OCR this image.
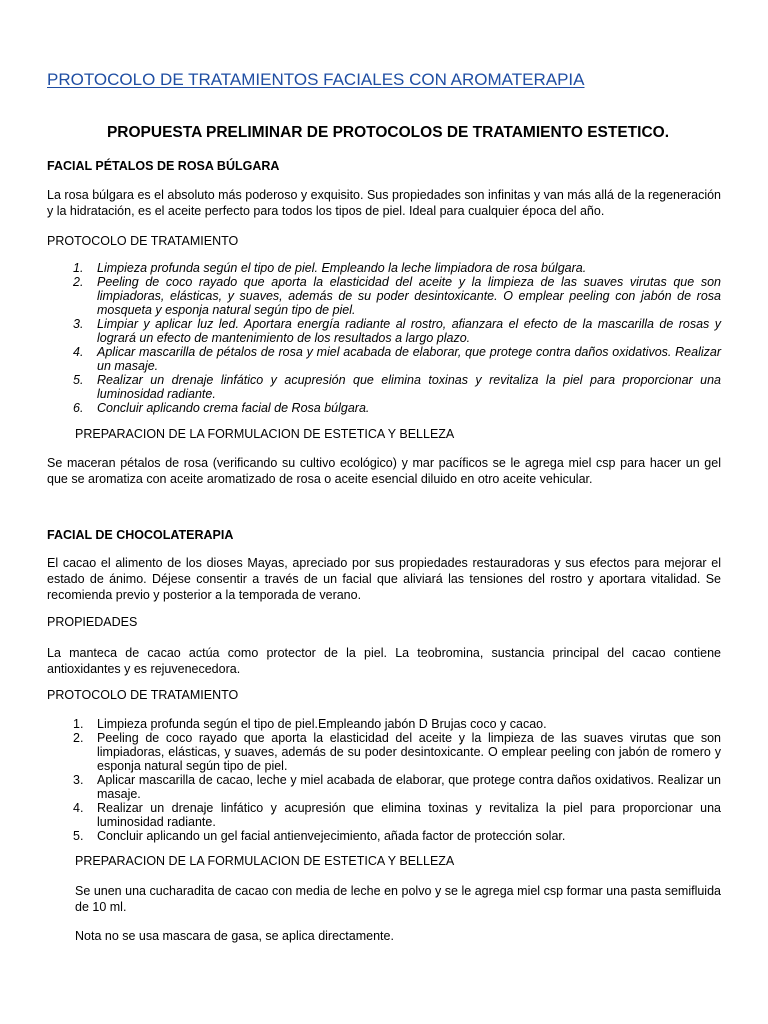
PROTOCOLO DE TRATAMIENTOS FACIALES CON AROMATERAPIA
PROPUESTA PRELIMINAR DE PROTOCOLOS DE TRATAMIENTO ESTETICO.
FACIAL PÉTALOS DE ROSA BÚLGARA

La rosa búlgara es el absoluto más poderoso y exquisito. Sus propiedades son infinitas y van más allá de la regeneración y la hidratación, es el aceite perfecto para todos los tipos de piel. Ideal para cualquier época del año.

PROTOCOLO DE TRATAMIENTO
1. Limpieza profunda según el tipo de piel. Empleando la leche limpiadora de rosa búlgara.
2. Peeling de coco rayado que aporta la elasticidad del aceite y la limpieza de las suaves virutas que son limpiadoras, elásticas, y suaves, además de su poder desintoxicante. O emplear peeling con jabón de rosa mosqueta y esponja natural según tipo de piel.
3. Limpiar y aplicar luz led. Aportara energía radiante al rostro, afianzara el efecto de la mascarilla de rosas y logrará un efecto de mantenimiento de los resultados a largo plazo.
4. Aplicar mascarilla de pétalos de rosa y miel acabada de elaborar, que protege contra daños oxidativos. Realizar un masaje.
5. Realizar un drenaje linfático y acupresión que elimina toxinas y revitaliza la piel para proporcionar una luminosidad radiante.
6. Concluir aplicando crema facial de Rosa búlgara.
PREPARACION DE LA FORMULACION DE ESTETICA Y BELLEZA

Se maceran pétalos de rosa (verificando su cultivo ecológico) y mar pacíficos se le agrega miel csp para hacer un gel que se aromatiza con aceite aromatizado de rosa o aceite esencial diluido en otro aceite vehicular.

FACIAL DE CHOCOLATERAPIA

El cacao el alimento de los dioses Mayas, apreciado por sus propiedades restauradoras y sus efectos para mejorar el estado de ánimo. Déjese consentir a través de un facial que aliviará las tensiones del rostro y aportara vitalidad. Se recomienda previo y posterior a la temporada de verano.

PROPIEDADES

La manteca de cacao actúa como protector de la piel. La teobromina, sustancia principal del cacao contiene antioxidantes y es rejuvenecedora.

PROTOCOLO DE TRATAMIENTO
1. Limpieza profunda según el tipo de piel.Empleando jabón D Brujas coco y cacao.
2. Peeling de coco rayado que aporta la elasticidad del aceite y la limpieza de las suaves virutas que son limpiadoras, elásticas, y suaves, además de su poder desintoxicante. O emplear peeling con jabón de romero y esponja natural según tipo de piel.
3. Aplicar mascarilla de cacao, leche y miel acabada de elaborar, que protege contra daños oxidativos. Realizar un masaje.
4. Realizar un drenaje linfático y acupresión que elimina toxinas y revitaliza la piel para proporcionar una luminosidad radiante.
5. Concluir aplicando un gel facial antienvejecimiento, añada factor de protección solar.
PREPARACION DE LA FORMULACION DE ESTETICA Y BELLEZA

Se unen una cucharadita de cacao con media de leche en polvo y se le agrega miel csp formar una pasta semifluida de 10 ml.

Nota no se usa mascara de gasa, se aplica directamente.
